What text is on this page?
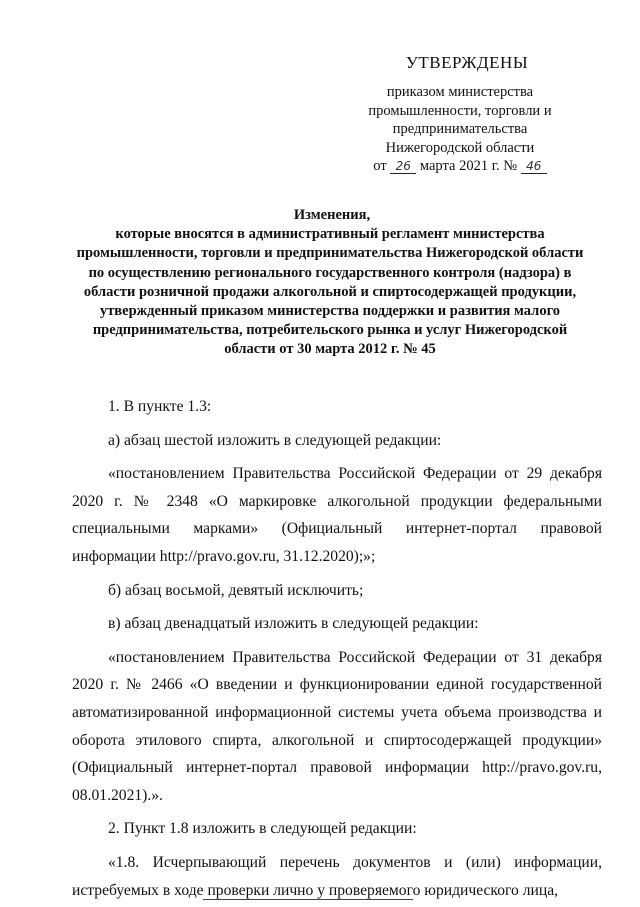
УТВЕРЖДЕНЫ
приказом министерства
промышленности, торговли и
предпринимательства
Нижегородской области
от 26 марта 2021 г. № 46
Изменения,
которые вносятся в административный регламент министерства
промышленности, торговли и предпринимательства Нижегородской области
по осуществлению регионального государственного контроля (надзора) в
области розничной продажи алкогольной и спиртосодержащей продукции,
утвержденный приказом министерства поддержки и развития малого
предпринимательства, потребительского рынка и услуг Нижегородской
области от 30 марта 2012 г. № 45

1. В пункте 1.3:

а) абзац шестой изложить в следующей редакции:

«постановлением Правительства Российской Федерации от 29 декабря 2020 г. № 2348 «О маркировке алкогольной продукции федеральными специальными марками» (Официальный интернет-портал правовой информации http://pravo.gov.ru, 31.12.2020);»;

б) абзац восьмой, девятый исключить;

в) абзац двенадцатый изложить в следующей редакции:

«постановлением Правительства Российской Федерации от 31 декабря 2020 г. № 2466 «О введении и функционировании единой государственной автоматизированной информационной системы учета объема производства и оборота этилового спирта, алкогольной и спиртосодержащей продукции» (Официальный интернет-портал правовой информации http://pravo.gov.ru, 08.01.2021).».

2. Пункт 1.8 изложить в следующей редакции:

«1.8. Исчерпывающий перечень документов и (или) информации, истребуемых в ходе проверки лично у проверяемого юридического лица,
